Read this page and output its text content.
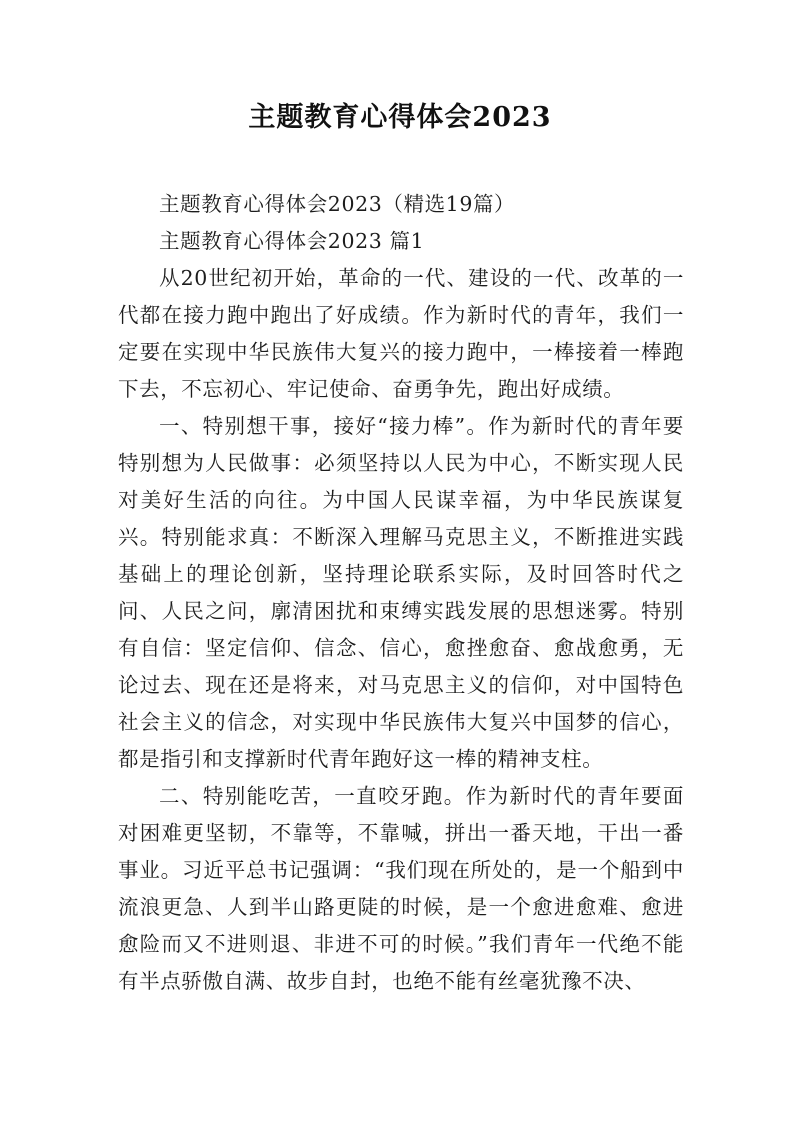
主题教育心得体会2023

主题教育心得体会2023（精选19篇）

主题教育心得体会2023 篇1

从20世纪初开始，革命的一代、建设的一代、改革的一代都在接力跑中跑出了好成绩。作为新时代的青年，我们一定要在实现中华民族伟大复兴的接力跑中，一棒接着一棒跑下去，不忘初心、牢记使命、奋勇争先，跑出好成绩。

一、特别想干事，接好“接力棒”。作为新时代的青年要特别想为人民做事：必须坚持以人民为中心，不断实现人民对美好生活的向往。为中国人民谋幸福，为中华民族谋复兴。特别能求真：不断深入理解马克思主义，不断推进实践基础上的理论创新，坚持理论联系实际，及时回答时代之问、人民之问，廓清困扰和束缚实践发展的思想迷雾。特别有自信：坚定信仰、信念、信心，愈挫愈奋、愈战愈勇，无论过去、现在还是将来，对马克思主义的信仰，对中国特色社会主义的信念，对实现中华民族伟大复兴中国梦的信心，都是指引和支撑新时代青年跑好这一棒的精神支柱。

二、特别能吃苦，一直咬牙跑。作为新时代的青年要面对困难更坚韧，不靠等，不靠喊，拼出一番天地，干出一番事业。习近平总书记强调：“我们现在所处的，是一个船到中流浪更急、人到半山路更陡的时候，是一个愈进愈难、愈进愈险而又不进则退、非进不可的时候。”我们青年一代绝不能有半点骄傲自满、故步自封，也绝不能有丝毫犹豫不决、
